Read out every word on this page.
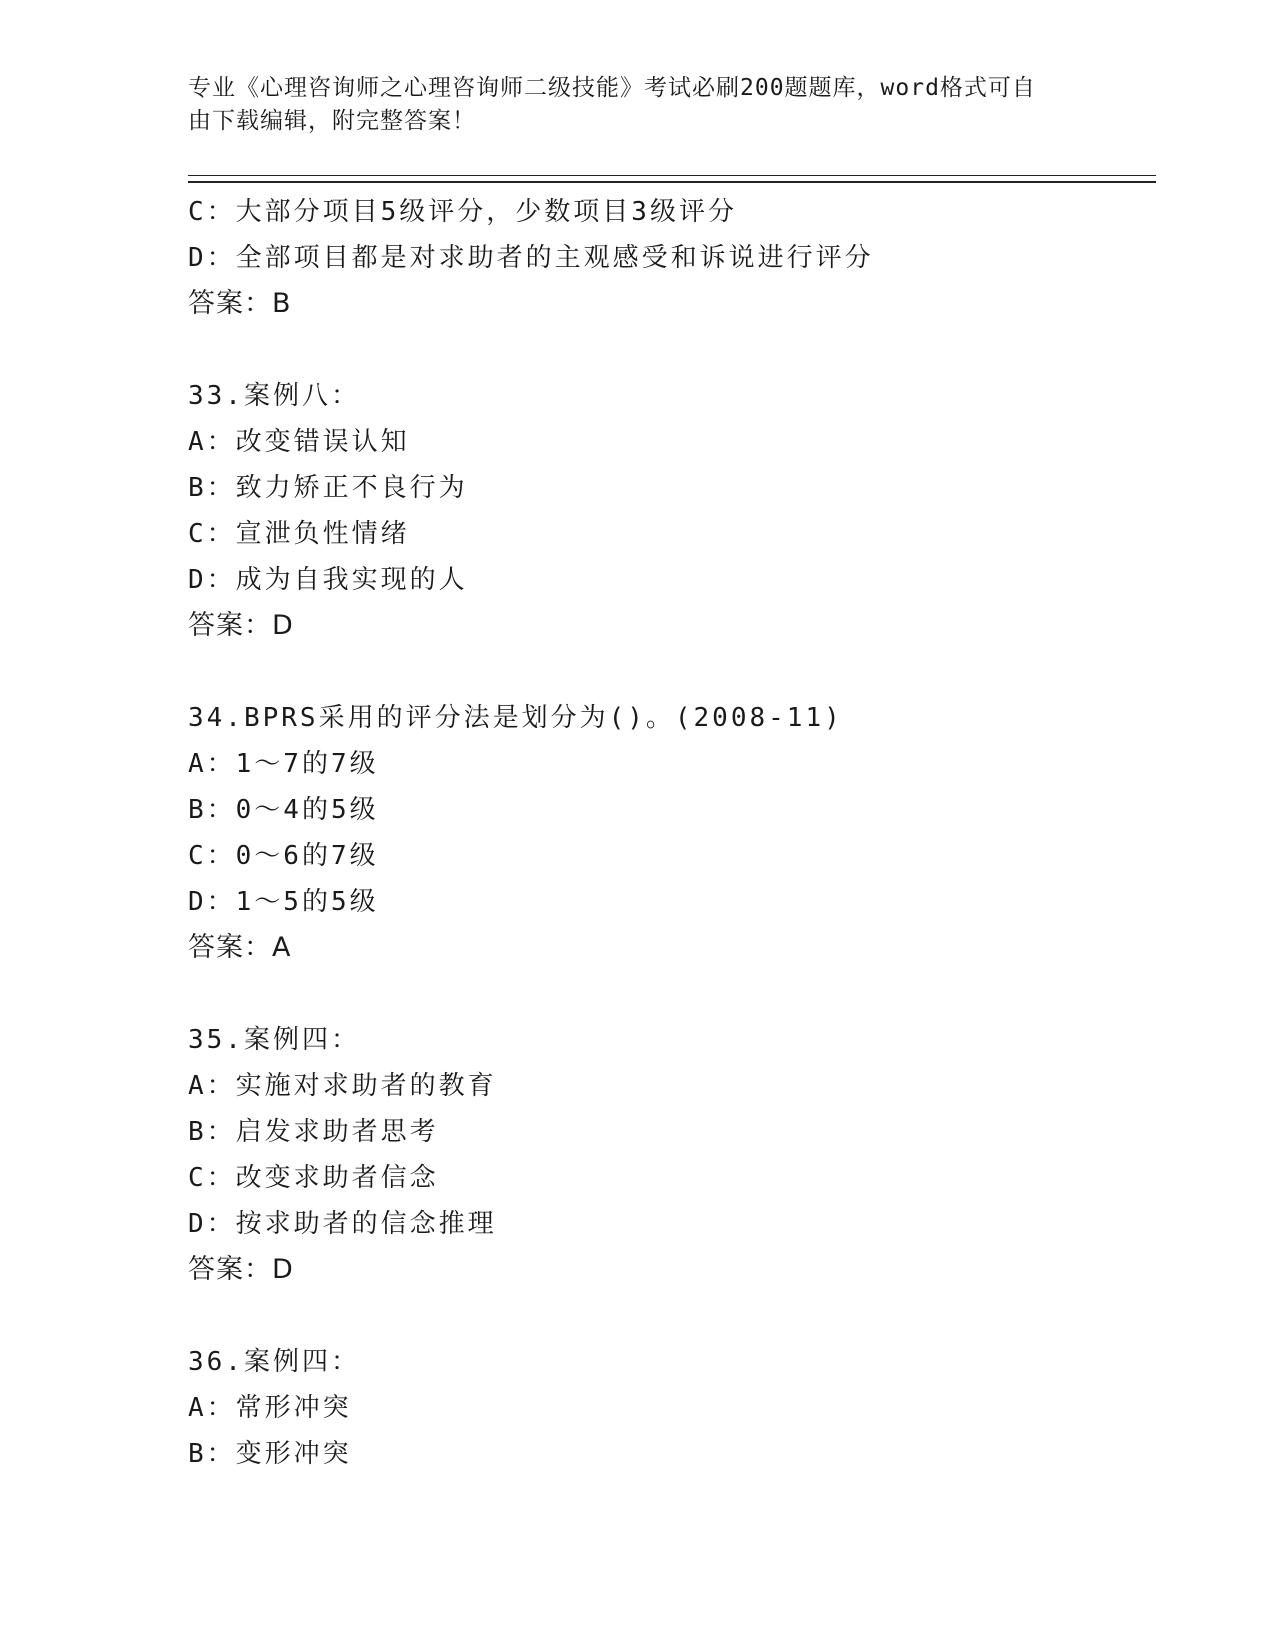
专业《心理咨询师之心理咨询师二级技能》考试必刷200题题库，word格式可自
由下载编辑，附完整答案！
C：大部分项目5级评分，少数项目3级评分
D：全部项目都是对求助者的主观感受和诉说进行评分
答案：B
33.案例八：
A：改变错误认知
B：致力矫正不良行为
C：宣泄负性情绪
D：成为自我实现的人
答案：D
34.BPRS采用的评分法是划分为()。(2008-11)
A：1～7的7级
B：0～4的5级
C：0～6的7级
D：1～5的5级
答案：A
35.案例四：
A：实施对求助者的教育
B：启发求助者思考
C：改变求助者信念
D：按求助者的信念推理
答案：D
36.案例四：
A：常形冲突
B：变形冲突
